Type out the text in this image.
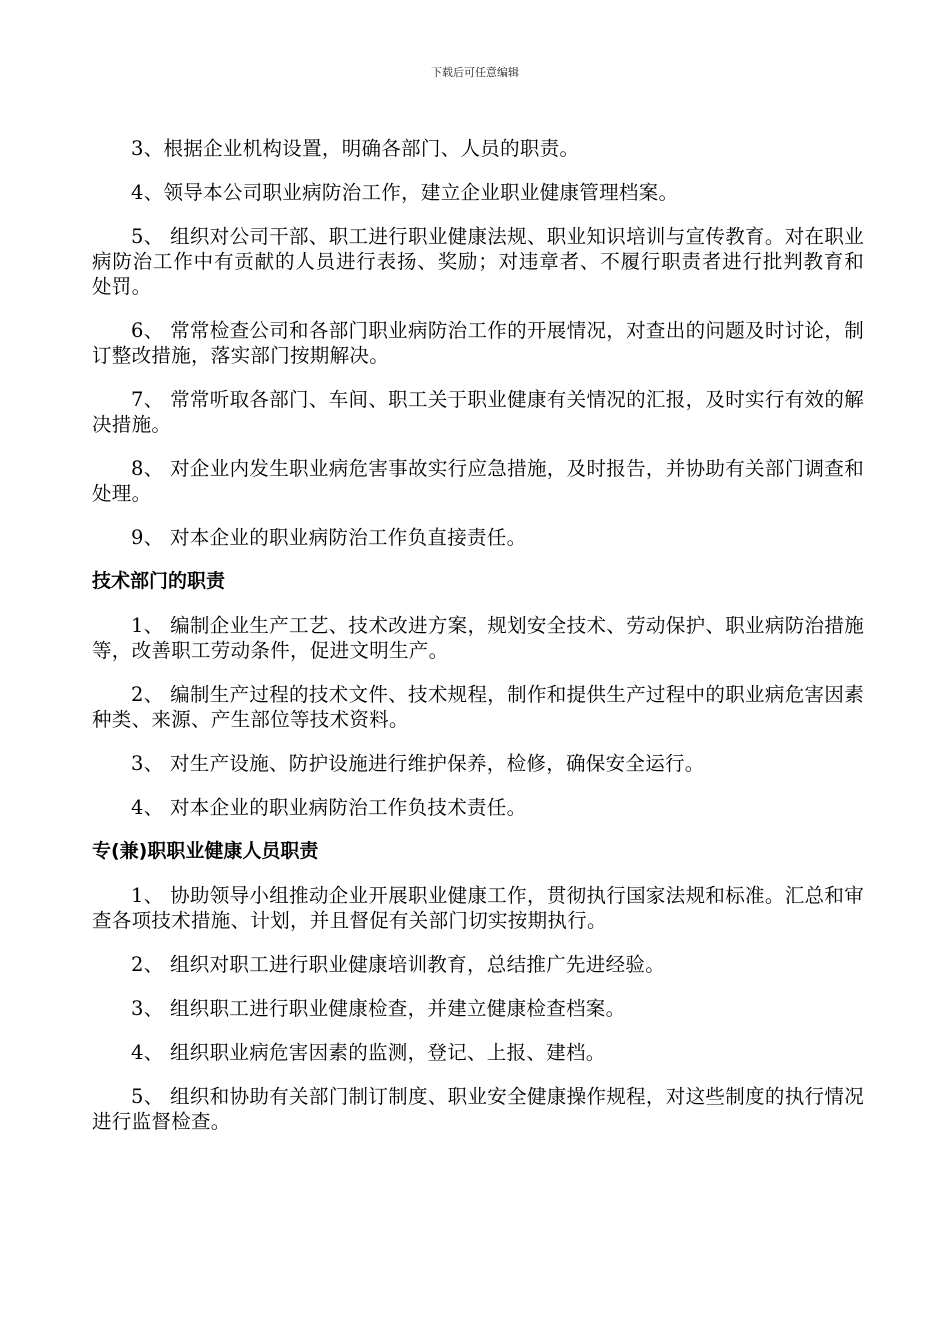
下载后可任意编辑

3、根据企业机构设置，明确各部门、人员的职责。

4、领导本公司职业病防治工作，建立企业职业健康管理档案。

5、 组织对公司干部、职工进行职业健康法规、职业知识培训与宣传教育。对在职业病防治工作中有贡献的人员进行表扬、奖励；对违章者、不履行职责者进行批判教育和处罚。

6、 常常检查公司和各部门职业病防治工作的开展情况，对查出的问题及时讨论，制订整改措施，落实部门按期解决。

7、 常常听取各部门、车间、职工关于职业健康有关情况的汇报，及时实行有效的解决措施。

8、 对企业内发生职业病危害事故实行应急措施，及时报告，并协助有关部门调查和处理。

9、 对本企业的职业病防治工作负直接责任。

技术部门的职责

1、 编制企业生产工艺、技术改进方案，规划安全技术、劳动保护、职业病防治措施等，改善职工劳动条件，促进文明生产。

2、 编制生产过程的技术文件、技术规程，制作和提供生产过程中的职业病危害因素种类、来源、产生部位等技术资料。

3、 对生产设施、防护设施进行维护保养，检修，确保安全运行。

4、 对本企业的职业病防治工作负技术责任。

专(兼)职职业健康人员职责

1、 协助领导小组推动企业开展职业健康工作，贯彻执行国家法规和标准。汇总和审查各项技术措施、计划，并且督促有关部门切实按期执行。

2、 组织对职工进行职业健康培训教育，总结推广先进经验。

3、 组织职工进行职业健康检查，并建立健康检查档案。

4、 组织职业病危害因素的监测，登记、上报、建档。

5、 组织和协助有关部门制订制度、职业安全健康操作规程，对这些制度的执行情况进行监督检查。
